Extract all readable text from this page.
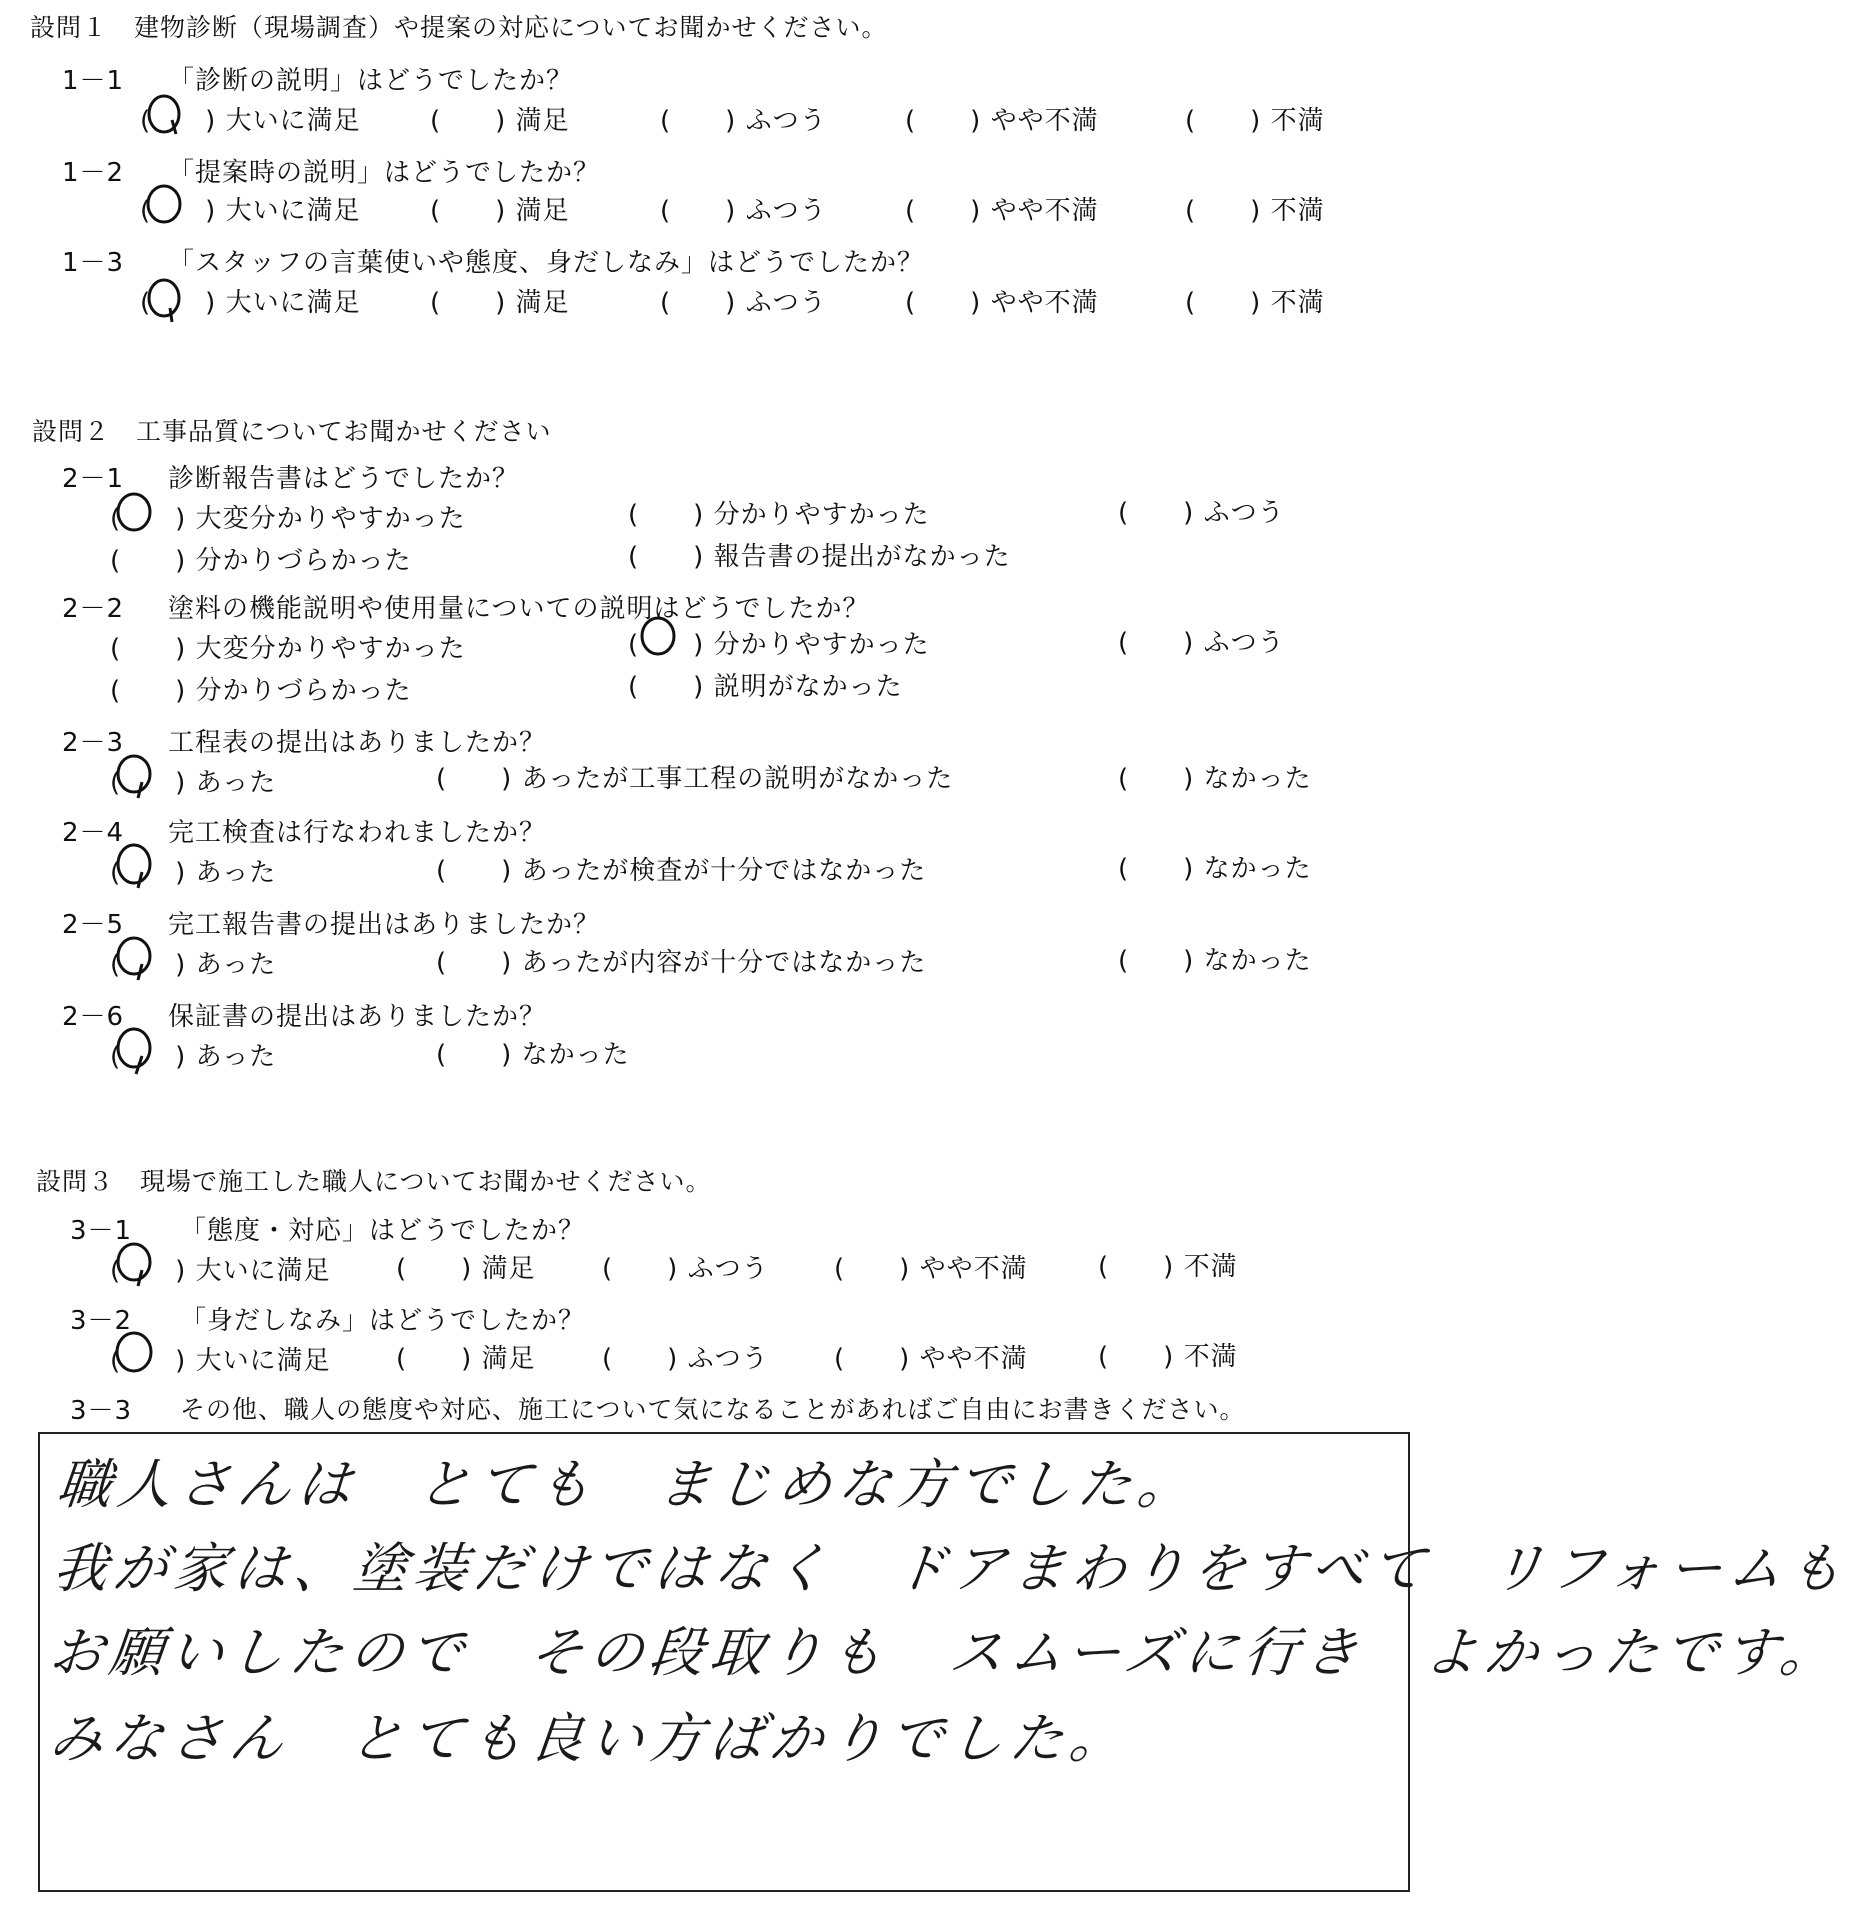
設問１　建物診断（現場調査）や提案の対応についてお聞かせください。
1－1 「診断の説明」はどうでしたか？
(　　) 大いに満足	(　　) 満足	(　　) ふつう	(　　) やや不満	(　　) 不満
1－2 「提案時の説明」はどうでしたか？
(　　) 大いに満足	(　　) 満足	(　　) ふつう	(　　) やや不満	(　　) 不満
1－3 「スタッフの言葉使いや態度、身だしなみ」はどうでしたか？
(　　) 大いに満足	(　　) 満足	(　　) ふつう	(　　) やや不満	(　　) 不満
設問２　工事品質についてお聞かせください
2－1 診断報告書はどうでしたか？
(　　) 大変分かりやすかった	(　　) 分かりやすかった	(　　) ふつう
(　　) 分かりづらかった	(　　) 報告書の提出がなかった
2－2 塗料の機能説明や使用量についての説明はどうでしたか？
(　　) 大変分かりやすかった	(　　) 分かりやすかった	(　　) ふつう
(　　) 分かりづらかった	(　　) 説明がなかった
2－3 工程表の提出はありましたか？
(　　) あった	(　　) あったが工事工程の説明がなかった	(　　) なかった
2－4 完工検査は行なわれましたか？
(　　) あった	(　　) あったが検査が十分ではなかった	(　　) なかった
2－5 完工報告書の提出はありましたか？
(　　) あった	(　　) あったが内容が十分ではなかった	(　　) なかった
2－6 保証書の提出はありましたか？
(　　) あった	(　　) なかった
設問３　現場で施工した職人についてお聞かせください。
3－1 「態度・対応」はどうでしたか？
(　　) 大いに満足	(　　) 満足	(　　) ふつう	(　　) やや不満	(　　) 不満
3－2 「身だしなみ」はどうでしたか？
(　　) 大いに満足	(　　) 満足	(　　) ふつう	(　　) やや不満	(　　) 不満
3－3 その他、職人の態度や対応、施工について気になることがあればご自由にお書きください。
職人さんは　とても　まじめな方でした。
我が家は、塗装だけではなく　ドアまわりをすべて　リフォームも
お願いしたので　その段取りも　スムーズに行き　よかったです。
みなさん　とても良い方ばかりでした。
